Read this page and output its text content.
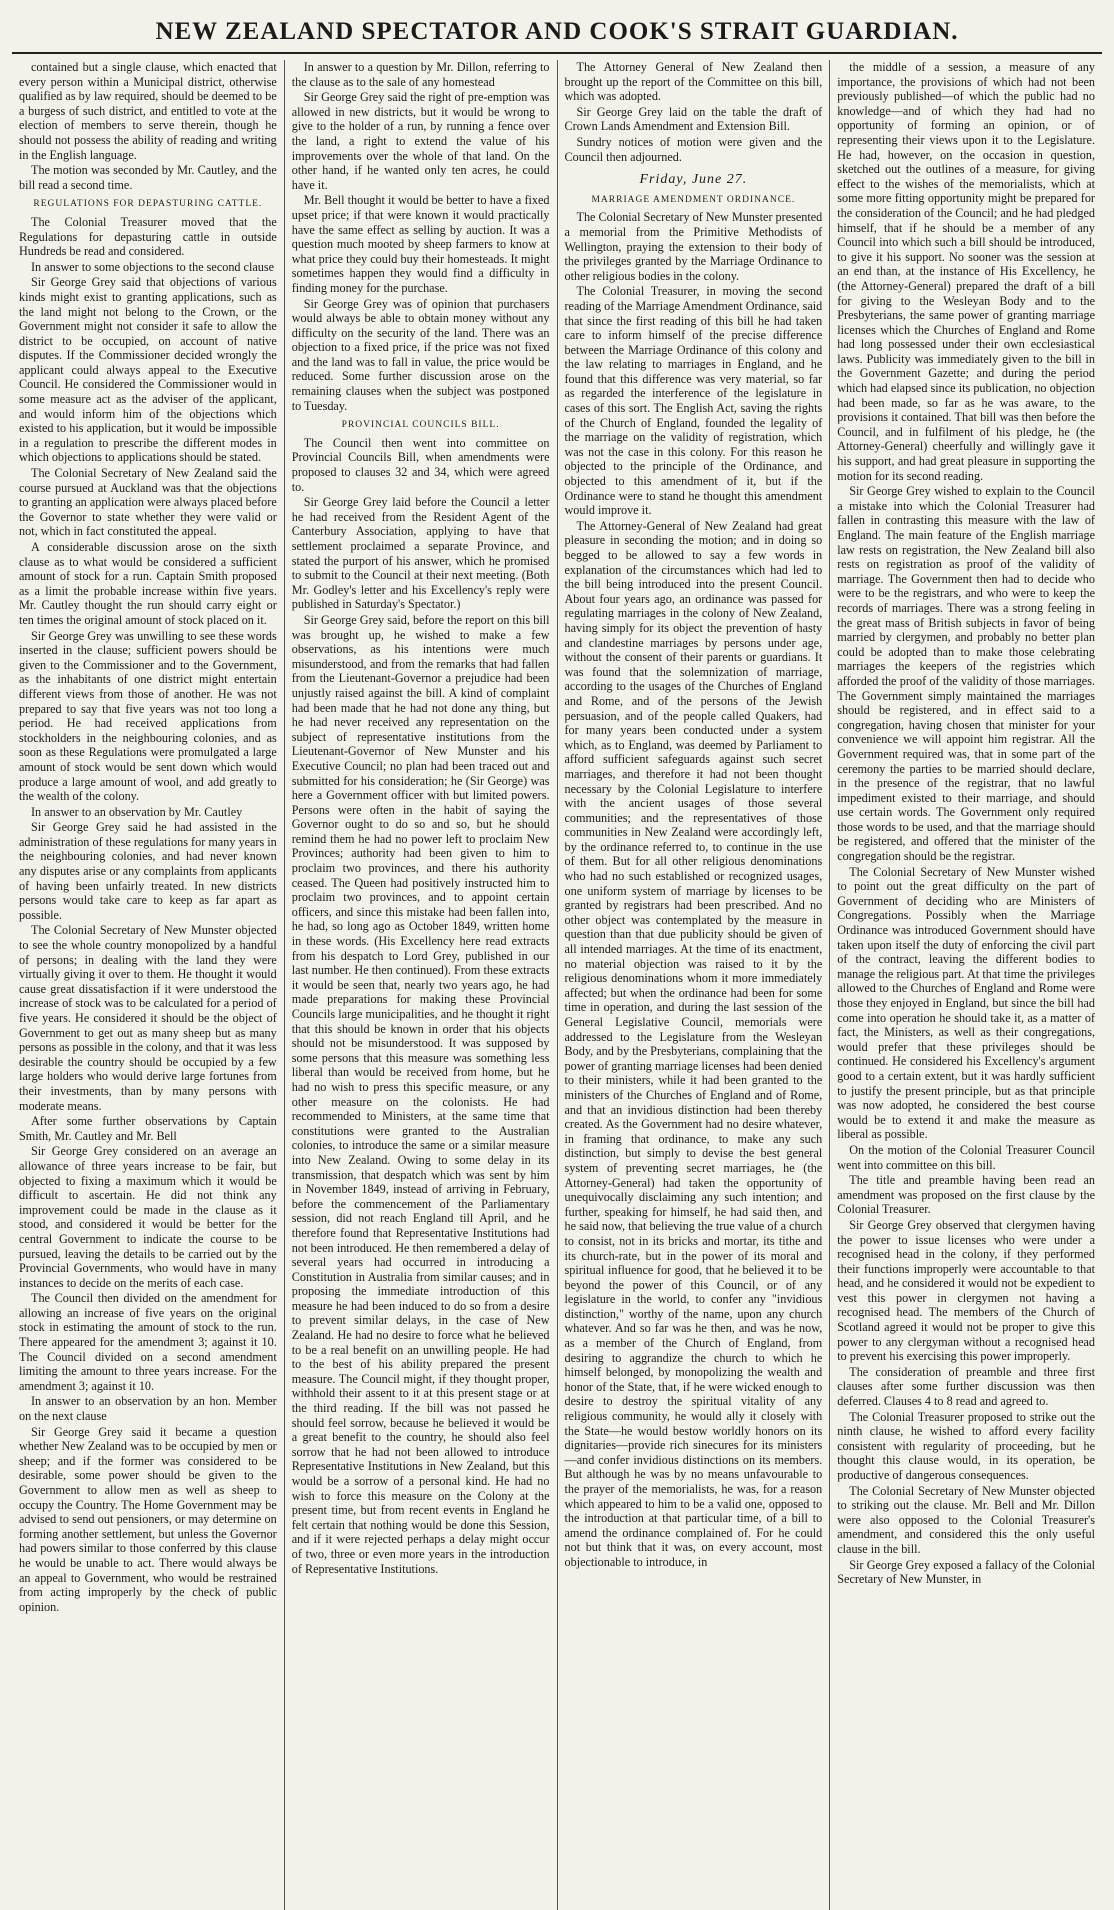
NEW ZEALAND SPECTATOR AND COOK'S STRAIT GUARDIAN.

contained but a single clause, which enacted that every person within a Municipal district, otherwise qualified as by law required, should be deemed to be a burgess of such district, and entitled to vote at the election of members to serve therein, though he should not possess the ability of reading and writing in the English language.

The motion was seconded by Mr. Cautley, and the bill read a second time.

REGULATIONS FOR DEPASTURING CATTLE.

The Colonial Treasurer moved that the Regulations for depasturing cattle in outside Hundreds be read and considered.

In answer to some objections to the second clause

Sir George Grey said that objections of various kinds might exist to granting applications, such as the land might not belong to the Crown, or the Government might not consider it safe to allow the district to be occupied, on account of native disputes. If the Commissioner decided wrongly the applicant could always appeal to the Executive Council. He considered the Commissioner would in some measure act as the adviser of the applicant, and would inform him of the objections which existed to his application, but it would be impossible in a regulation to prescribe the different modes in which objections to applications should be stated.

The Colonial Secretary of New Zealand said the course pursued at Auckland was that the objections to granting an application were always placed before the Governor to state whether they were valid or not, which in fact constituted the appeal.

A considerable discussion arose on the sixth clause as to what would be considered a sufficient amount of stock for a run. Captain Smith proposed as a limit the probable increase within five years. Mr. Cautley thought the run should carry eight or ten times the original amount of stock placed on it.

Sir George Grey was unwilling to see these words inserted in the clause; sufficient powers should be given to the Commissioner and to the Government, as the inhabitants of one district might entertain different views from those of another. He was not prepared to say that five years was not too long a period. He had received applications from stockholders in the neighbouring colonies, and as soon as these Regulations were promulgated a large amount of stock would be sent down which would produce a large amount of wool, and add greatly to the wealth of the colony.

In answer to an observation by Mr. Cautley

Sir George Grey said he had assisted in the administration of these regulations for many years in the neighbouring colonies, and had never known any disputes arise or any complaints from applicants of having been unfairly treated. In new districts persons would take care to keep as far apart as possible.

The Colonial Secretary of New Munster objected to see the whole country monopolized by a handful of persons; in dealing with the land they were virtually giving it over to them. He thought it would cause great dissatisfaction if it were understood the increase of stock was to be calculated for a period of five years. He considered it should be the object of Government to get out as many sheep but as many persons as possible in the colony, and that it was less desirable the country should be occupied by a few large holders who would derive large fortunes from their investments, than by many persons with moderate means.

After some further observations by Captain Smith, Mr. Cautley and Mr. Bell

Sir George Grey considered on an average an allowance of three years increase to be fair, but objected to fixing a maximum which it would be difficult to ascertain. He did not think any improvement could be made in the clause as it stood, and considered it would be better for the central Government to indicate the course to be pursued, leaving the details to be carried out by the Provincial Governments, who would have in many instances to decide on the merits of each case.

The Council then divided on the amendment for allowing an increase of five years on the original stock in estimating the amount of stock to the run. There appeared for the amendment 3; against it 10. The Council divided on a second amendment limiting the amount to three years increase. For the amendment 3; against it 10.

In answer to an observation by an hon. Member on the next clause

Sir George Grey said it became a question whether New Zealand was to be occupied by men or sheep; and if the former was considered to be desirable, some power should be given to the Government to allow men as well as sheep to occupy the Country. The Home Government may be advised to send out pensioners, or may determine on forming another settlement, but unless the Governor had powers similar to those conferred by this clause he would be unable to act. There would always be an appeal to Government, who would be restrained from acting improperly by the check of public opinion.

In answer to a question by Mr. Dillon, referring to the clause as to the sale of any homestead

Sir George Grey said the right of pre-emption was allowed in new districts, but it would be wrong to give to the holder of a run, by running a fence over the land, a right to extend the value of his improvements over the whole of that land. On the other hand, if he wanted only ten acres, he could have it.

Mr. Bell thought it would be better to have a fixed upset price; if that were known it would practically have the same effect as selling by auction. It was a question much mooted by sheep farmers to know at what price they could buy their homesteads. It might sometimes happen they would find a difficulty in finding money for the purchase.

Sir George Grey was of opinion that purchasers would always be able to obtain money without any difficulty on the security of the land. There was an objection to a fixed price, if the price was not fixed and the land was to fall in value, the price would be reduced. Some further discussion arose on the remaining clauses when the subject was postponed to Tuesday.

PROVINCIAL COUNCILS BILL.

The Council then went into committee on Provincial Councils Bill, when amendments were proposed to clauses 32 and 34, which were agreed to.

Sir George Grey laid before the Council a letter he had received from the Resident Agent of the Canterbury Association, applying to have that settlement proclaimed a separate Province, and stated the purport of his answer, which he promised to submit to the Council at their next meeting. (Both Mr. Godley's letter and his Excellency's reply were published in Saturday's Spectator.)

Sir George Grey said, before the report on this bill was brought up, he wished to make a few observations, as his intentions were much misunderstood, and from the remarks that had fallen from the Lieutenant-Governor a prejudice had been unjustly raised against the bill. A kind of complaint had been made that he had not done any thing, but he had never received any representation on the subject of representative institutions from the Lieutenant-Governor of New Munster and his Executive Council; no plan had been traced out and submitted for his consideration; he (Sir George) was here a Government officer with but limited powers. Persons were often in the habit of saying the Governor ought to do so and so, but he should remind them he had no power left to proclaim New Provinces; authority had been given to him to proclaim two provinces, and there his authority ceased. The Queen had positively instructed him to proclaim two provinces, and to appoint certain officers, and since this mistake had been fallen into, he had, so long ago as October 1849, written home in these words. (His Excellency here read extracts from his despatch to Lord Grey, published in our last number. He then continued). From these extracts it would be seen that, nearly two years ago, he had made preparations for making these Provincial Councils large municipalities, and he thought it right that this should be known in order that his objects should not be misunderstood. It was supposed by some persons that this measure was something less liberal than would be received from home, but he had no wish to press this specific measure, or any other measure on the colonists. He had recommended to Ministers, at the same time that constitutions were granted to the Australian colonies, to introduce the same or a similar measure into New Zealand. Owing to some delay in its transmission, that despatch which was sent by him in November 1849, instead of arriving in February, before the commencement of the Parliamentary session, did not reach England till April, and he therefore found that Representative Institutions had not been introduced. He then remembered a delay of several years had occurred in introducing a Constitution in Australia from similar causes; and in proposing the immediate introduction of this measure he had been induced to do so from a desire to prevent similar delays, in the case of New Zealand. He had no desire to force what he believed to be a real benefit on an unwilling people. He had to the best of his ability prepared the present measure. The Council might, if they thought proper, withhold their assent to it at this present stage or at the third reading. If the bill was not passed he should feel sorrow, because he believed it would be a great benefit to the country, he should also feel sorrow that he had not been allowed to introduce Representative Institutions in New Zealand, but this would be a sorrow of a personal kind. He had no wish to force this measure on the Colony at the present time, but from recent events in England he felt certain that nothing would be done this Session, and if it were rejected perhaps a delay might occur of two, three or even more years in the introduction of Representative Institutions.

The Attorney General of New Zealand then brought up the report of the Committee on this bill, which was adopted.

Sir George Grey laid on the table the draft of Crown Lands Amendment and Extension Bill.

Sundry notices of motion were given and the Council then adjourned.

Friday, June 27.
MARRIAGE AMENDMENT ORDINANCE.

The Colonial Secretary of New Munster presented a memorial from the Primitive Methodists of Wellington, praying the extension to their body of the privileges granted by the Marriage Ordinance to other religious bodies in the colony.

The Colonial Treasurer, in moving the second reading of the Marriage Amendment Ordinance, said that since the first reading of this bill he had taken care to inform himself of the precise difference between the Marriage Ordinance of this colony and the law relating to marriages in England, and he found that this difference was very material, so far as regarded the interference of the legislature in cases of this sort. The English Act, saving the rights of the Church of England, founded the legality of the marriage on the validity of registration, which was not the case in this colony. For this reason he objected to the principle of the Ordinance, and objected to this amendment of it, but if the Ordinance were to stand he thought this amendment would improve it.

The Attorney-General of New Zealand had great pleasure in seconding the motion; and in doing so begged to be allowed to say a few words in explanation of the circumstances which had led to the bill being introduced into the present Council. About four years ago, an ordinance was passed for regulating marriages in the colony of New Zealand, having simply for its object the prevention of hasty and clandestine marriages by persons under age, without the consent of their parents or guardians. It was found that the solemnization of marriage, according to the usages of the Churches of England and Rome, and of the persons of the Jewish persuasion, and of the people called Quakers, had for many years been conducted under a system which, as to England, was deemed by Parliament to afford sufficient safeguards against such secret marriages, and therefore it had not been thought necessary by the Colonial Legislature to interfere with the ancient usages of those several communities; and the representatives of those communities in New Zealand were accordingly left, by the ordinance referred to, to continue in the use of them. But for all other religious denominations who had no such established or recognized usages, one uniform system of marriage by licenses to be granted by registrars had been prescribed. And no other object was contemplated by the measure in question than that due publicity should be given of all intended marriages. At the time of its enactment, no material objection was raised to it by the religious denominations whom it more immediately affected; but when the ordinance had been for some time in operation, and during the last session of the General Legislative Council, memorials were addressed to the Legislature from the Wesleyan Body, and by the Presbyterians, complaining that the power of granting marriage licenses had been denied to their ministers, while it had been granted to the ministers of the Churches of England and of Rome, and that an invidious distinction had been thereby created. As the Government had no desire whatever, in framing that ordinance, to make any such distinction, but simply to devise the best general system of preventing secret marriages, he (the Attorney-General) had taken the opportunity of unequivocally disclaiming any such intention; and further, speaking for himself, he had said then, and he said now, that believing the true value of a church to consist, not in its bricks and mortar, its tithe and its church-rate, but in the power of its moral and spiritual influence for good, that he believed it to be beyond the power of this Council, or of any legislature in the world, to confer any "invidious distinction," worthy of the name, upon any church whatever. And so far was he then, and was he now, as a member of the Church of England, from desiring to aggrandize the church to which he himself belonged, by monopolizing the wealth and honor of the State, that, if he were wicked enough to desire to destroy the spiritual vitality of any religious community, he would ally it closely with the State—he would bestow worldly honors on its dignitaries—provide rich sinecures for its ministers—and confer invidious distinctions on its members. But although he was by no means unfavourable to the prayer of the memorialists, he was, for a reason which appeared to him to be a valid one, opposed to the introduction at that particular time, of a bill to amend the ordinance complained of. For he could not but think that it was, on every account, most objectionable to introduce, in

the middle of a session, a measure of any importance, the provisions of which had not been previously published—of which the public had no knowledge—and of which they had had no opportunity of forming an opinion, or of representing their views upon it to the Legislature. He had, however, on the occasion in question, sketched out the outlines of a measure, for giving effect to the wishes of the memorialists, which at some more fitting opportunity might be prepared for the consideration of the Council; and he had pledged himself, that if he should be a member of any Council into which such a bill should be introduced, to give it his support. No sooner was the session at an end than, at the instance of His Excellency, he (the Attorney-General) prepared the draft of a bill for giving to the Wesleyan Body and to the Presbyterians, the same power of granting marriage licenses which the Churches of England and Rome had long possessed under their own ecclesiastical laws. Publicity was immediately given to the bill in the Government Gazette; and during the period which had elapsed since its publication, no objection had been made, so far as he was aware, to the provisions it contained. That bill was then before the Council, and in fulfilment of his pledge, he (the Attorney-General) cheerfully and willingly gave it his support, and had great pleasure in supporting the motion for its second reading.

Sir George Grey wished to explain to the Council a mistake into which the Colonial Treasurer had fallen in contrasting this measure with the law of England. The main feature of the English marriage law rests on registration, the New Zealand bill also rests on registration as proof of the validity of marriage. The Government then had to decide who were to be the registrars, and who were to keep the records of marriages. There was a strong feeling in the great mass of British subjects in favor of being married by clergymen, and probably no better plan could be adopted than to make those celebrating marriages the keepers of the registries which afforded the proof of the validity of those marriages. The Government simply maintained the marriages should be registered, and in effect said to a congregation, having chosen that minister for your convenience we will appoint him registrar. All the Government required was, that in some part of the ceremony the parties to be married should declare, in the presence of the registrar, that no lawful impediment existed to their marriage, and should use certain words. The Government only required those words to be used, and that the marriage should be registered, and offered that the minister of the congregation should be the registrar.

The Colonial Secretary of New Munster wished to point out the great difficulty on the part of Government of deciding who are Ministers of Congregations. Possibly when the Marriage Ordinance was introduced Government should have taken upon itself the duty of enforcing the civil part of the contract, leaving the different bodies to manage the religious part. At that time the privileges allowed to the Churches of England and Rome were those they enjoyed in England, but since the bill had come into operation he should take it, as a matter of fact, the Ministers, as well as their congregations, would prefer that these privileges should be continued. He considered his Excellency's argument good to a certain extent, but it was hardly sufficient to justify the present principle, but as that principle was now adopted, he considered the best course would be to extend it and make the measure as liberal as possible.

On the motion of the Colonial Treasurer Council went into committee on this bill.

The title and preamble having been read an amendment was proposed on the first clause by the Colonial Treasurer.

Sir George Grey observed that clergymen having the power to issue licenses who were under a recognised head in the colony, if they performed their functions improperly were accountable to that head, and he considered it would not be expedient to vest this power in clergymen not having a recognised head. The members of the Church of Scotland agreed it would not be proper to give this power to any clergyman without a recognised head to prevent his exercising this power improperly.

The consideration of preamble and three first clauses after some further discussion was then deferred. Clauses 4 to 8 read and agreed to.

The Colonial Treasurer proposed to strike out the ninth clause, he wished to afford every facility consistent with regularity of proceeding, but he thought this clause would, in its operation, be productive of dangerous consequences.

The Colonial Secretary of New Munster objected to striking out the clause. Mr. Bell and Mr. Dillon were also opposed to the Colonial Treasurer's amendment, and considered this the only useful clause in the bill.

Sir George Grey exposed a fallacy of the Colonial Secretary of New Munster, in
